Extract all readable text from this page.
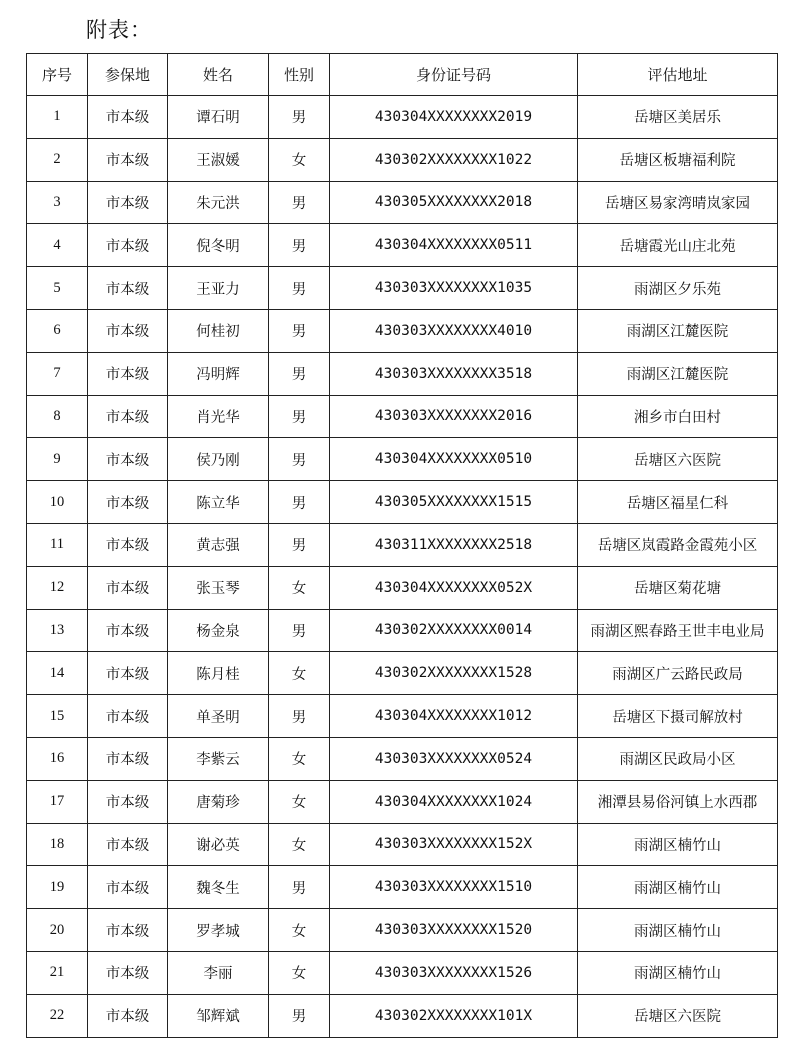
附表：
序号	参保地	姓名	性别	身份证号码	评估地址
1	市本级	谭石明	男	430304XXXXXXXX2019	岳塘区美居乐
2	市本级	王淑媛	女	430302XXXXXXXX1022	岳塘区板塘福利院
3	市本级	朱元洪	男	430305XXXXXXXX2018	岳塘区易家湾晴岚家园
4	市本级	倪冬明	男	430304XXXXXXXX0511	岳塘霞光山庄北苑
5	市本级	王亚力	男	430303XXXXXXXX1035	雨湖区夕乐苑
6	市本级	何桂初	男	430303XXXXXXXX4010	雨湖区江麓医院
7	市本级	冯明辉	男	430303XXXXXXXX3518	雨湖区江麓医院
8	市本级	肖光华	男	430303XXXXXXXX2016	湘乡市白田村
9	市本级	侯乃刚	男	430304XXXXXXXX0510	岳塘区六医院
10	市本级	陈立华	男	430305XXXXXXXX1515	岳塘区福星仁科
11	市本级	黄志强	男	430311XXXXXXXX2518	岳塘区岚霞路金霞苑小区
12	市本级	张玉琴	女	430304XXXXXXXX052X	岳塘区菊花塘
13	市本级	杨金泉	男	430302XXXXXXXX0014	雨湖区熙春路王世丰电业局
14	市本级	陈月桂	女	430302XXXXXXXX1528	雨湖区广云路民政局
15	市本级	单圣明	男	430304XXXXXXXX1012	岳塘区下摄司解放村
16	市本级	李紫云	女	430303XXXXXXXX0524	雨湖区民政局小区
17	市本级	唐菊珍	女	430304XXXXXXXX1024	湘潭县易俗河镇上水西郡
18	市本级	谢必英	女	430303XXXXXXXX152X	雨湖区楠竹山
19	市本级	魏冬生	男	430303XXXXXXXX1510	雨湖区楠竹山
20	市本级	罗孝城	女	430303XXXXXXXX1520	雨湖区楠竹山
21	市本级	李丽	女	430303XXXXXXXX1526	雨湖区楠竹山
22	市本级	邹辉斌	男	430302XXXXXXXX101X	岳塘区六医院
